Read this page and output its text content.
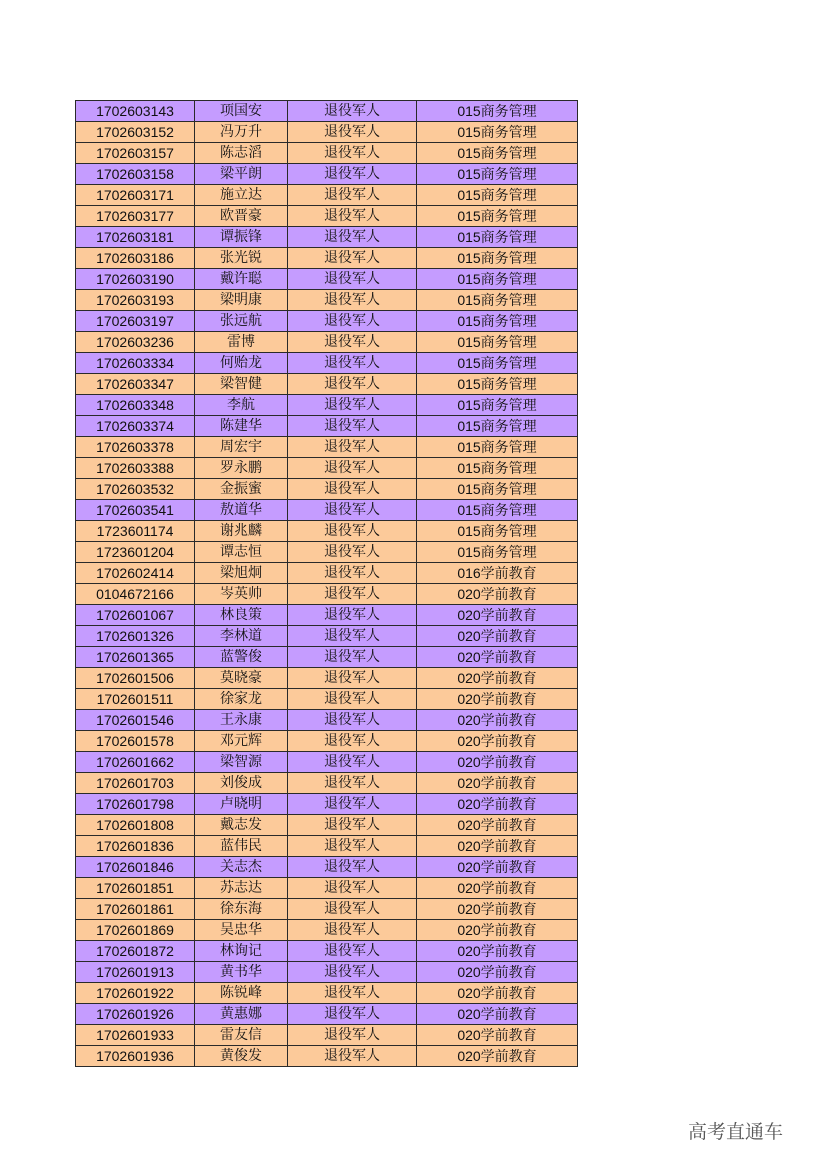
1702603143	项国安	退役军人	015商务管理
1702603152	冯万升	退役军人	015商务管理
1702603157	陈志滔	退役军人	015商务管理
1702603158	梁平朗	退役军人	015商务管理
1702603171	施立达	退役军人	015商务管理
1702603177	欧晋豪	退役军人	015商务管理
1702603181	谭振锋	退役军人	015商务管理
1702603186	张光锐	退役军人	015商务管理
1702603190	戴许聪	退役军人	015商务管理
1702603193	梁明康	退役军人	015商务管理
1702603197	张远航	退役军人	015商务管理
1702603236	雷博	退役军人	015商务管理
1702603334	何贻龙	退役军人	015商务管理
1702603347	梁智健	退役军人	015商务管理
1702603348	李航	退役军人	015商务管理
1702603374	陈建华	退役军人	015商务管理
1702603378	周宏宇	退役军人	015商务管理
1702603388	罗永鹏	退役军人	015商务管理
1702603532	金振蜜	退役军人	015商务管理
1702603541	敖道华	退役军人	015商务管理
1723601174	谢兆麟	退役军人	015商务管理
1723601204	谭志恒	退役军人	015商务管理
1702602414	梁旭炯	退役军人	016学前教育
0104672166	岑英帅	退役军人	020学前教育
1702601067	林良策	退役军人	020学前教育
1702601326	李林道	退役军人	020学前教育
1702601365	蓝警俊	退役军人	020学前教育
1702601506	莫晓豪	退役军人	020学前教育
1702601511	徐家龙	退役军人	020学前教育
1702601546	王永康	退役军人	020学前教育
1702601578	邓元辉	退役军人	020学前教育
1702601662	梁智源	退役军人	020学前教育
1702601703	刘俊成	退役军人	020学前教育
1702601798	卢晓明	退役军人	020学前教育
1702601808	戴志发	退役军人	020学前教育
1702601836	蓝伟民	退役军人	020学前教育
1702601846	关志杰	退役军人	020学前教育
1702601851	苏志达	退役军人	020学前教育
1702601861	徐东海	退役军人	020学前教育
1702601869	吴忠华	退役军人	020学前教育
1702601872	林询记	退役军人	020学前教育
1702601913	黄书华	退役军人	020学前教育
1702601922	陈锐峰	退役军人	020学前教育
1702601926	黄惠娜	退役军人	020学前教育
1702601933	雷友信	退役军人	020学前教育
1702601936	黄俊发	退役军人	020学前教育
高考直通车
